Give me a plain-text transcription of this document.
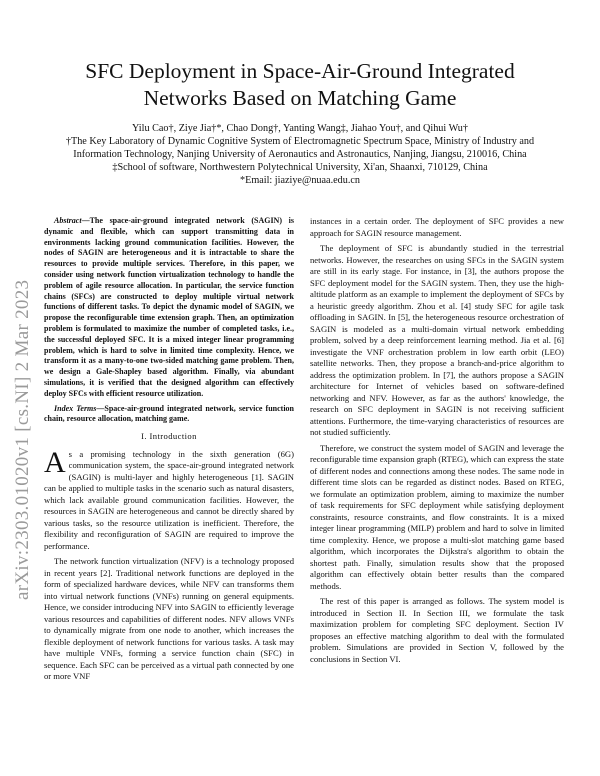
SFC Deployment in Space-Air-Ground Integrated
Networks Based on Matching Game
Yilu Cao†, Ziye Jia†*, Chao Dong†, Yanting Wang‡, Jiahao You†, and Qihui Wu†
†The Key Laboratory of Dynamic Cognitive System of Electromagnetic Spectrum Space, Ministry of Industry and
Information Technology, Nanjing University of Aeronautics and Astronautics, Nanjing, Jiangsu, 210016, China
‡School of software, Northwestern Polytechnical University, Xi'an, Shaanxi, 710129, China
*Email: jiaziye@nuaa.edu.cn
arXiv:2303.01020v1 [cs.NI] 2 Mar 2023

Abstract—The space-air-ground integrated network (SAGIN) is dynamic and flexible, which can support transmitting data in environments lacking ground communication facilities. However, the nodes of SAGIN are heterogeneous and it is intractable to share the resources to provide multiple services. Therefore, in this paper, we consider using network function virtualization technology to handle the problem of agile resource allocation. In particular, the service function chains (SFCs) are constructed to deploy multiple virtual network functions of different tasks. To depict the dynamic model of SAGIN, we propose the reconfigurable time extension graph. Then, an optimization problem is formulated to maximize the number of completed tasks, i.e., the successful deployed SFC. It is a mixed integer linear programming problem, which is hard to solve in limited time complexity. Hence, we transform it as a many-to-one two-sided matching game problem. Then, we design a Gale-Shapley based algorithm. Finally, via abundant simulations, it is verified that the designed algorithm can effectively deploy SFCs with efficient resource utilization.

Index Terms—Space-air-ground integrated network, service function chain, resource allocation, matching game.

I. Introduction

As a promising technology in the sixth generation (6G) communication system, the space-air-ground integrated network (SAGIN) is multi-layer and highly heterogeneous [1]. SAGIN can be applied to multiple tasks in the scenario such as natural disasters, which lack available ground communication facilities. However, the resources in SAGIN are heterogeneous and cannot be directly shared by various tasks, so the resource utilization is inefficient. Therefore, the flexibility and reconfiguration of SAGIN are required to improve the performance.

The network function virtualization (NFV) is a technology proposed in recent years [2]. Traditional network functions are deployed in the form of specialized hardware devices, while NFV can transforms them into virtual network functions (VNFs) running on general equipments. Hence, we consider introducing NFV into SAGIN to efficiently leverage various resources and capabilities of different nodes. NFV allows VNFs to dynamically migrate from one node to another, which increases the flexible deployment of network functions for various tasks. A task may have multiple VNFs, forming a service function chain (SFC) in sequence. Each SFC can be perceived as a virtual path connected by one or more VNF

instances in a certain order. The deployment of SFC provides a new approach for SAGIN resource management.

The deployment of SFC is abundantly studied in the terrestrial networks. However, the researches on using SFCs in the SAGIN system are still in its early stage. For instance, in [3], the authors propose the SFC deployment model for the SAGIN system. Then, they use the high-altitude platform as an example to implement the deployment of SFCs by a heuristic greedy algorithm. Zhou et al. [4] study SFC for agile task offloading in SAGIN. In [5], the heterogeneous resource orchestration of SAGIN is modeled as a multi-domain virtual network embedding problem, solved by a deep reinforcement learning method. Jia et al. [6] investigate the VNF orchestration problem in low earth orbit (LEO) satellite networks. Then, they propose a branch-and-price algorithm to address the optimization problem. In [7], the authors propose a SAGIN architecture for Internet of vehicles based on software-defined networking and NFV. However, as far as the authors' knowledge, the research on SFC deployment in SAGIN is not receiving sufficient attentions. Furthermore, the time-varying characteristics of resources are not studied sufficiently.

Therefore, we construct the system model of SAGIN and leverage the reconfigurable time expansion graph (RTEG), which can express the state of different nodes and connections among these nodes. The same node in different time slots can be regarded as distinct nodes. Based on RTEG, we formulate an optimization problem, aiming to maximize the number of task requirements for SFC deployment while satisfying deployment constraints, resource constraints, and flow constraints. It is a mixed integer linear programming (MILP) problem and hard to solve in limited time complexity. Hence, we propose a multi-slot matching game based algorithm, which incorporates the Dijkstra's algorithm to obtain the shortest path. Finally, simulation results show that the proposed algorithm can effectively obtain better results than the compared methods.

The rest of this paper is arranged as follows. The system model is introduced in Section II. In Section III, we formulate the task maximization problem for completing SFC deployment. Section IV proposes an effective matching algorithm to deal with the formulated problem. Simulations are provided in Section V, followed by the conclusions in Section VI.
